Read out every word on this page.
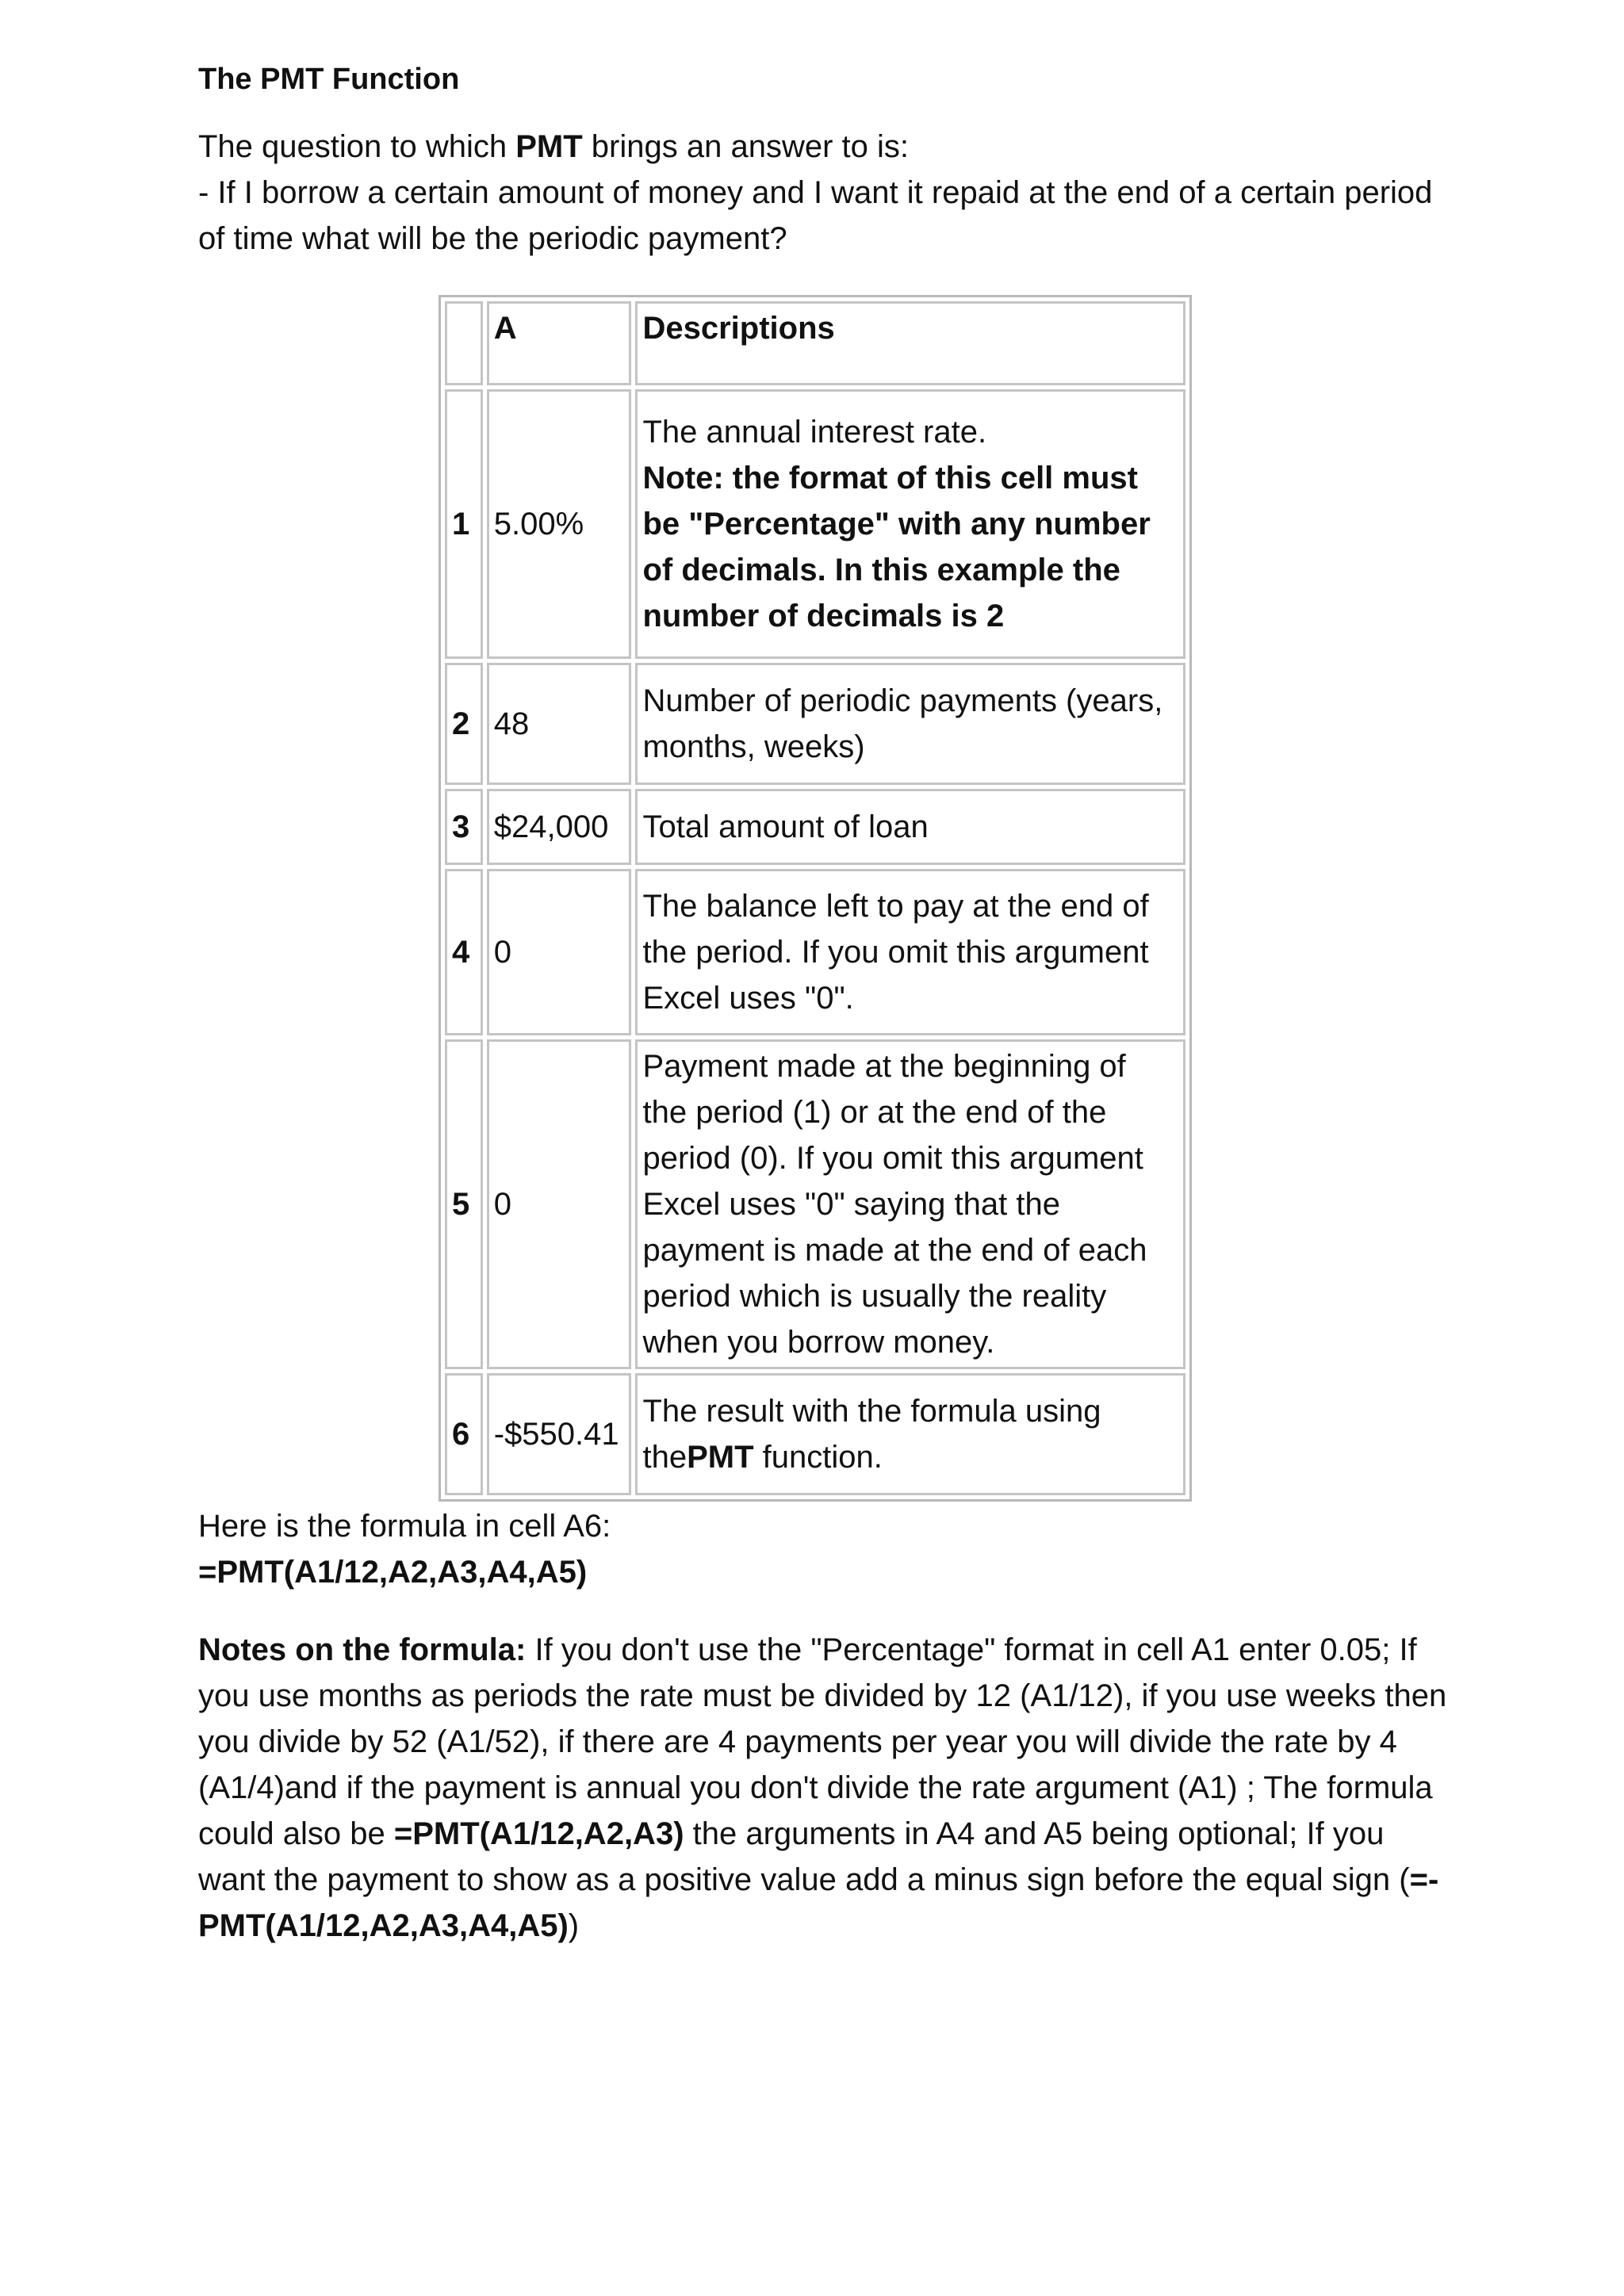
The PMT Function

The question to which PMT brings an answer to is:

- If I borrow a certain amount of money and I want it repaid at the end of a certain period of time what will be the periodic payment?

	A	Descriptions
1	5.00%	The annual interest rate.
Note: the format of this cell must be "Percentage" with any number of decimals. In this example the number of decimals is 2
2	48	Number of periodic payments (years, months, weeks)
3	$24,000	Total amount of loan
4	0	The balance left to pay at the end of the period. If you omit this argument Excel uses "0".
5	0	Payment made at the beginning of the period (1) or at the end of the period (0). If you omit this argument Excel uses "0" saying that the payment is made at the end of each period which is usually the reality when you borrow money.
6	-$550.41	The result with the formula using thePMT function.

Here is the formula in cell A6:

=PMT(A1/12,A2,A3,A4,A5)

Notes on the formula: If you don't use the "Percentage" format in cell A1 enter 0.05; If you use months as periods the rate must be divided by 12 (A1/12), if you use weeks then you divide by 52 (A1/52), if there are 4 payments per year you will divide the rate by 4 (A1/4)and if the payment is annual you don't divide the rate argument (A1) ; The formula could also be =PMT(A1/12,A2,A3) the arguments in A4 and A5 being optional; If you want the payment to show as a positive value add a minus sign before the equal sign (=-PMT(A1/12,A2,A3,A4,A5))
